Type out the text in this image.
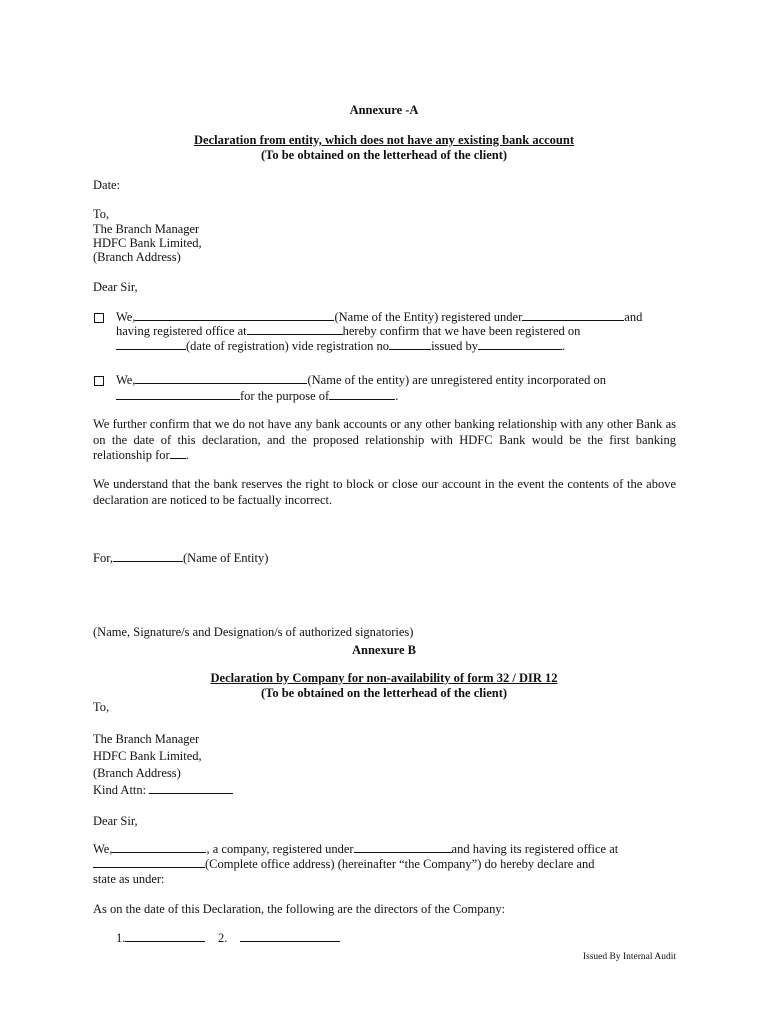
Annexure -A
Declaration from entity, which does not have any existing bank account
(To be obtained on the letterhead of the client)
Date:
To,
The Branch Manager
HDFC Bank Limited,
(Branch Address)
Dear Sir,
We,	(Name of the Entity) registered under	and
having registered office at	hereby confirm that we have been registered on
(date of registration) vide registration no	issued by	.
We,	(Name of the entity) are unregistered entity incorporated on
for the purpose of	.
We further confirm that we do not have any bank accounts or any other banking relationship with any other Bank as on the date of this declaration, and the proposed relationship with HDFC Bank would be the first banking relationship for .
We understand that the bank reserves the right to block or close our account in the event the contents of the above declaration are noticed to be factually incorrect.
For,	(Name of Entity)
(Name, Signature/s and Designation/s of authorized signatories)
Annexure B
Declaration by Company for non-availability of form 32 / DIR 12
(To be obtained on the letterhead of the client)
To,
The Branch Manager
HDFC Bank Limited,
(Branch Address)
Kind Attn:
Dear Sir,
We,	, a company, registered under	and having its registered office at
(Complete office address) (hereinafter “the Company”) do hereby declare and
state as under:
As on the date of this Declaration, the following are the directors of the Company:
1.	2.
Issued By Internal Audit
